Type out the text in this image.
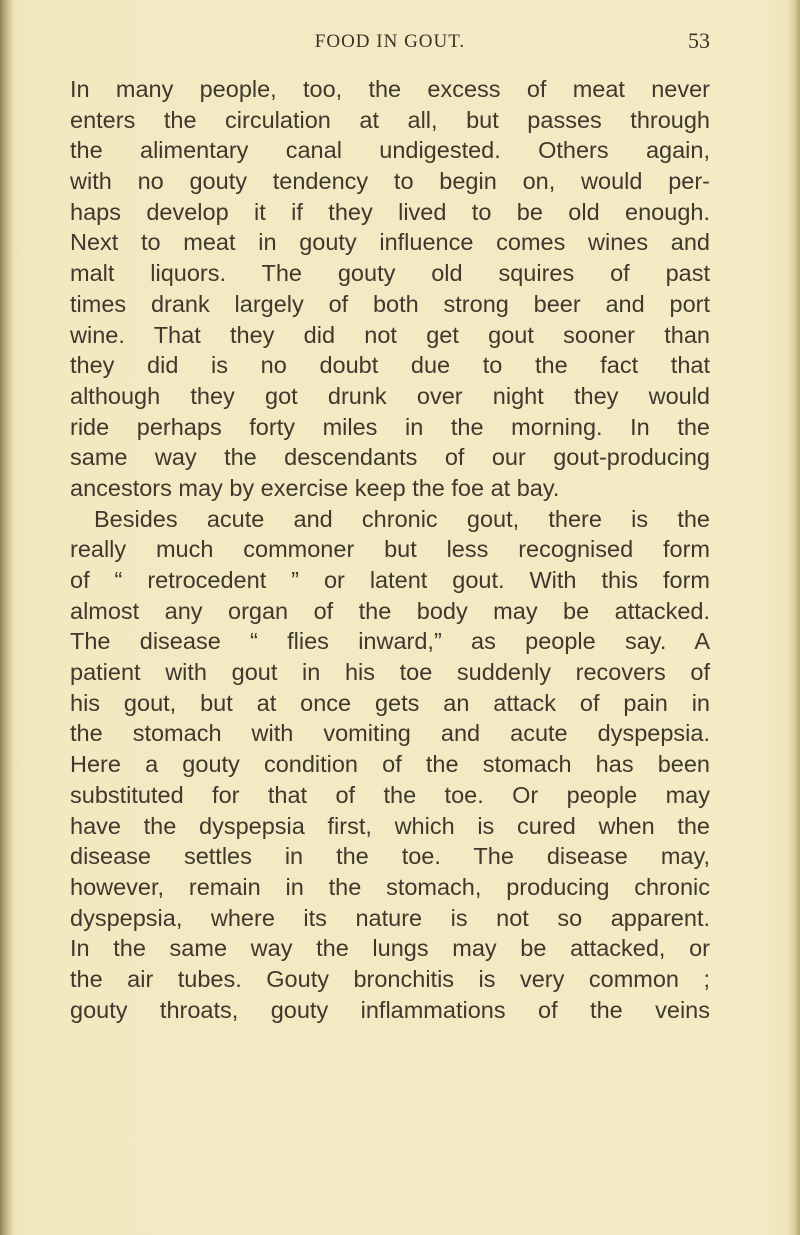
FOOD IN GOUT.	53
In many people, too, the excess of meat never
enters the circulation at all, but passes through
the alimentary canal undigested. Others again,
with no gouty tendency to begin on, would per-
haps develop it if they lived to be old enough.
Next to meat in gouty influence comes wines and
malt liquors. The gouty old squires of past
times drank largely of both strong beer and port
wine. That they did not get gout sooner than
they did is no doubt due to the fact that
although they got drunk over night they would
ride perhaps forty miles in the morning. In the
same way the descendants of our gout-producing
ancestors may by exercise keep the foe at bay.
Besides acute and chronic gout, there is the
really much commoner but less recognised form
of “ retrocedent ” or latent gout. With this form
almost any organ of the body may be attacked.
The disease “ flies inward,” as people say. A
patient with gout in his toe suddenly recovers of
his gout, but at once gets an attack of pain in
the stomach with vomiting and acute dyspepsia.
Here a gouty condition of the stomach has been
substituted for that of the toe. Or people may
have the dyspepsia first, which is cured when the
disease settles in the toe. The disease may,
however, remain in the stomach, producing chronic
dyspepsia, where its nature is not so apparent.
In the same way the lungs may be attacked, or
the air tubes. Gouty bronchitis is very common ;
gouty throats, gouty inflammations of the veins
